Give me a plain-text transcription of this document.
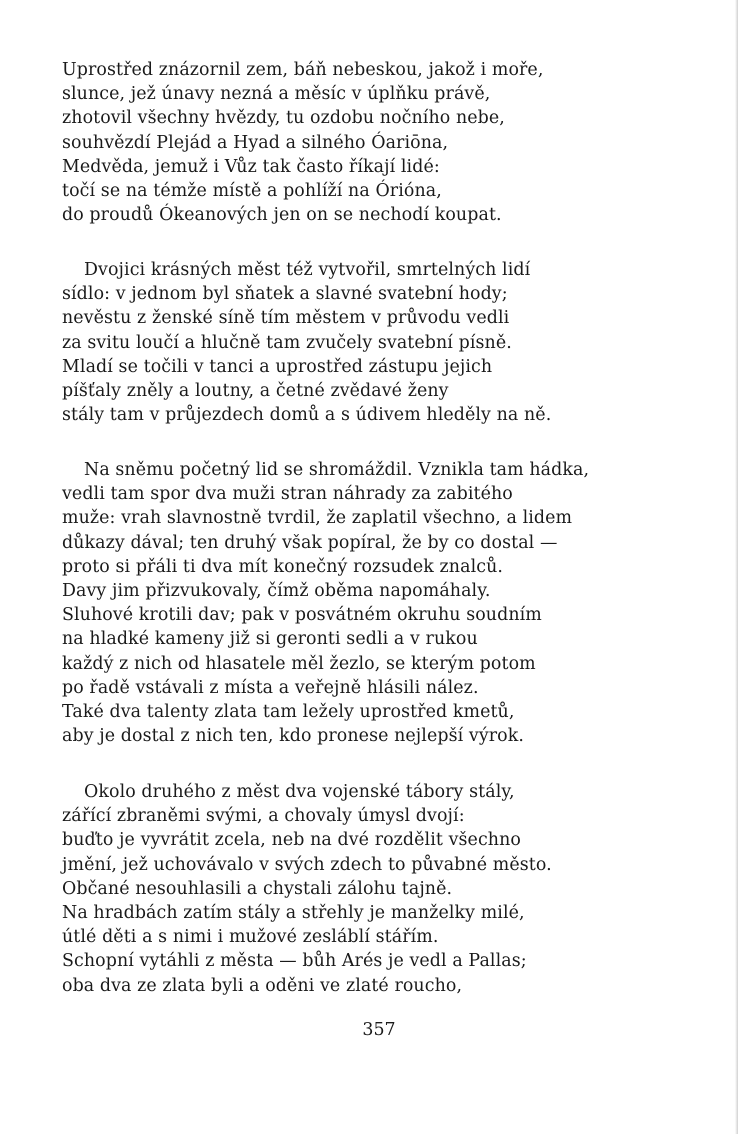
Uprostřed znázornil zem, báň nebeskou, jakož i moře,
slunce, jež únavy nezná a měsíc v úplňku právě,
zhotovil všechny hvězdy, tu ozdobu nočního nebe,
souhvězdí Plejád a Hyad a silného Óariōna,
Medvěda, jemuž i Vůz tak často říkají lidé:
točí se na témže místě a pohlíží na Órióna,
do proudů Ókeanových jen on se nechodí koupat.
Dvojici krásných měst též vytvořil, smrtelných lidí
sídlo: v jednom byl sňatek a slavné svatební hody;
nevěstu z ženské síně tím městem v průvodu vedli
za svitu loučí a hlučně tam zvučely svatební písně.
Mladí se točili v tanci a uprostřed zástupu jejich
píšťaly zněly a loutny, a četné zvědavé ženy
stály tam v průjezdech domů a s údivem hleděly na ně.
Na sněmu početný lid se shromáždil. Vznikla tam hádka,
vedli tam spor dva muži stran náhrady za zabitého
muže: vrah slavnostně tvrdil, že zaplatil všechno, a lidem
důkazy dával; ten druhý však popíral, že by co dostal —
proto si přáli ti dva mít konečný rozsudek znalců.
Davy jim přizvukovaly, čímž oběma napomáhaly.
Sluhové krotili dav; pak v posvátném okruhu soudním
na hladké kameny již si geronti sedli a v rukou
každý z nich od hlasatele měl žezlo, se kterým potom
po řadě vstávali z místa a veřejně hlásili nález.
Také dva talenty zlata tam ležely uprostřed kmetů,
aby je dostal z nich ten, kdo pronese nejlepší výrok.
Okolo druhého z měst dva vojenské tábory stály,
zářící zbraněmi svými, a chovaly úmysl dvojí:
buďto je vyvrátit zcela, neb na dvé rozdělit všechno
jmění, jež uchovávalo v svých zdech to půvabné město.
Občané nesouhlasili a chystali zálohu tajně.
Na hradbách zatím stály a střehly je manželky milé,
útlé děti a s nimi i mužové zesláblí stářím.
Schopní vytáhli z města — bůh Arés je vedl a Pallas;
oba dva ze zlata byli a oděni ve zlaté roucho,
357
